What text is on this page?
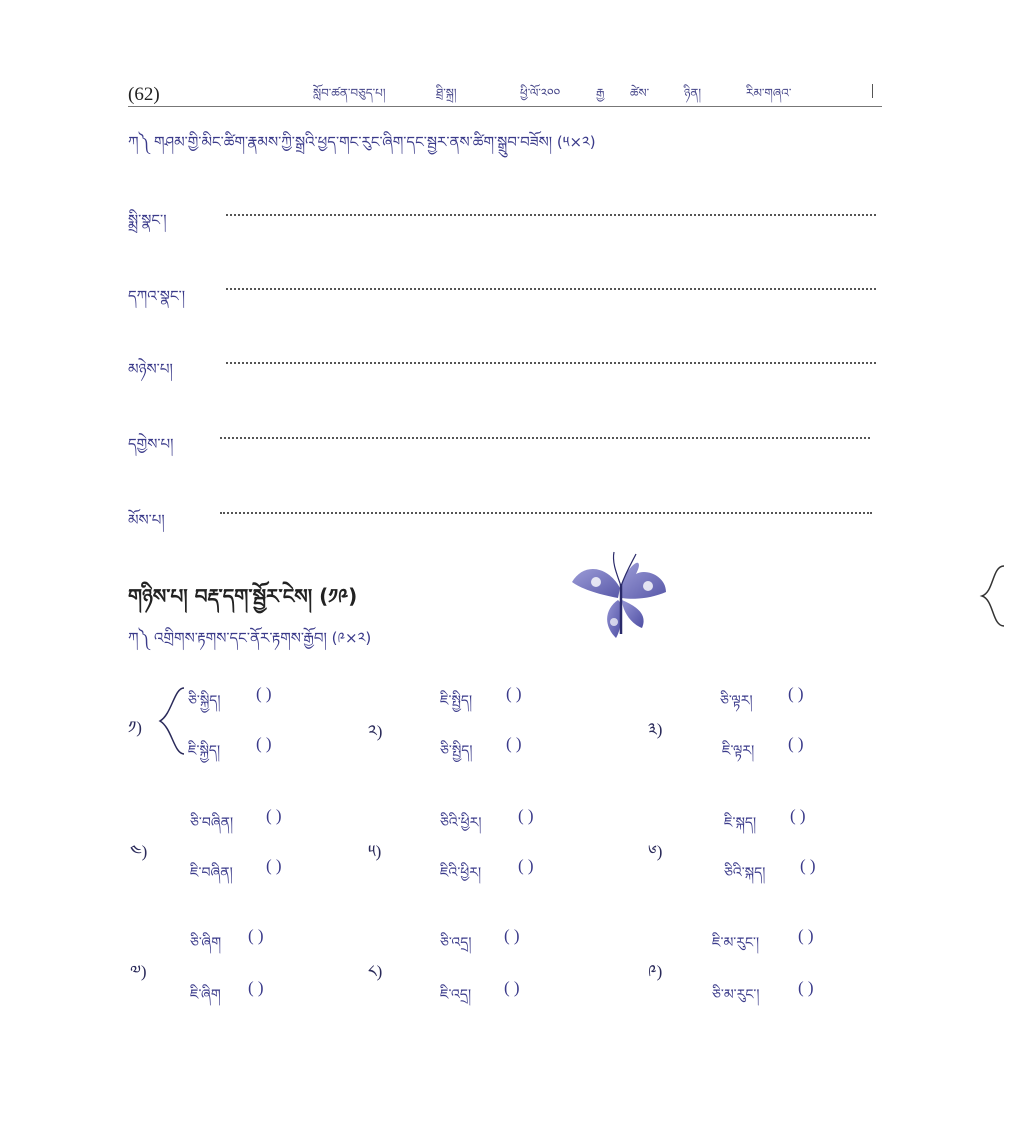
(62)	སློབ་ཚན་བཅུད་པ།	ཐྲི་སྐྲ།	ཕྱི་ལོ་༢༠༠	རྒྱ ཚེས་	ཉིན།	རིམ་གཞའ་
ཀ༽ གཤམ་གྱི་མིང་ཚིག་རྣམས་ཀྱི་སྒྲའི་ཕྱད་གང་རུང་ཞིག་དང་སྦྱར་ནས་ཚིག་སྒྲུབ་བཟོས། (༥×༢)
སྨྲི་སྣང་།
དཀའ་སྣང་།
མཉེས་པ།
དགྱེས་པ།
མོས་པ།
གཉིས་པ། བརྡ་དག་སྦྱོར་ངེས། (༡༩)
ཀ༽ འགྲིགས་རྟགས་དང་ནོར་རྟགས་རྒྱོབ། (༩×༢)
༡)
ཅི་སྐྱིད། ( )
ཇི་སྐྱིད། ( )
༢)
ཇི་སྤྱིད། ( )
ཅི་སྤྱིད། ( )
༣)
ཅི་ལྟར། ( )
ཇི་ལྟར། ( )
༤)
ཅི་བཞིན། ( )
ཇི་བཞིན། ( )
༥)
ཅིའི་ཕྱིར། ( )
ཇིའི་ཕྱིར། ( )
༦)
ཇི་སྐད། ( )
ཅིའི་སྐད། ( )
༧)
ཅི་ཞིག ( )
ཇི་ཞིག ( )
༨)
ཅི་འདྲ། ( )
ཇི་འདྲ། ( )
༩)
ཇི་མ་རུང་། ( )
ཅི་མ་རུང་། ( )
